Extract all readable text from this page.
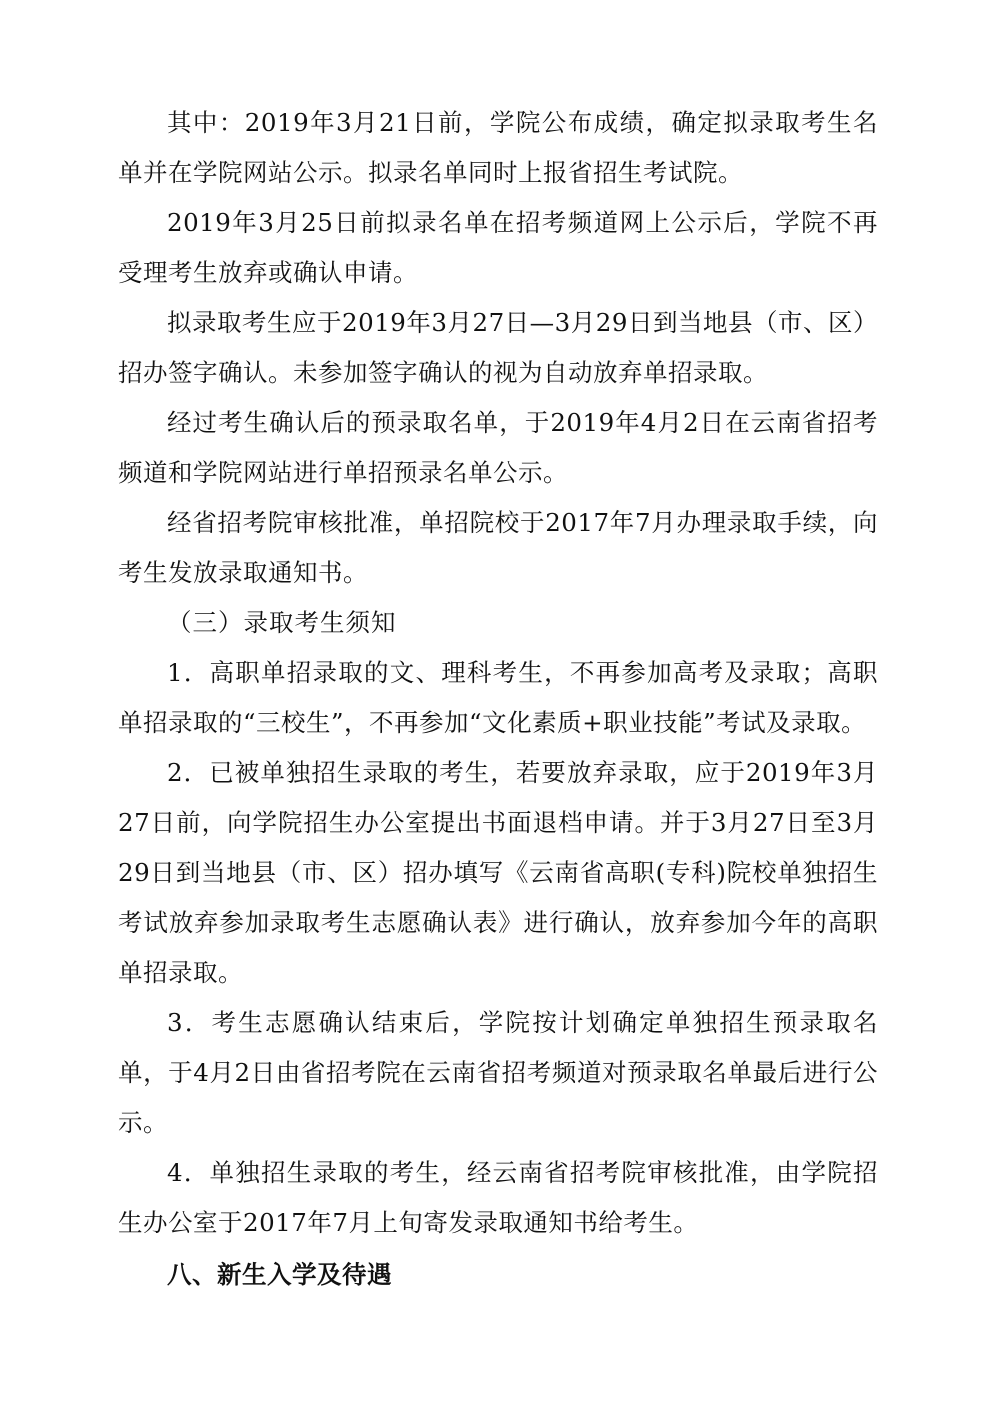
其中：2019年3月21日前，学院公布成绩，确定拟录取考生名单并在学院网站公示。拟录名单同时上报省招生考试院。

2019年3月25日前拟录名单在招考频道网上公示后，学院不再受理考生放弃或确认申请。

拟录取考生应于2019年3月27日—3月29日到当地县（市、区）招办签字确认。未参加签字确认的视为自动放弃单招录取。

经过考生确认后的预录取名单，于2019年4月2日在云南省招考频道和学院网站进行单招预录名单公示。

经省招考院审核批准，单招院校于2017年7月办理录取手续，向考生发放录取通知书。

（三）录取考生须知

1．高职单招录取的文、理科考生，不再参加高考及录取；高职单招录取的“三校生”，不再参加“文化素质+职业技能”考试及录取。

2．已被单独招生录取的考生，若要放弃录取，应于2019年3月27日前，向学院招生办公室提出书面退档申请。并于3月27日至3月29日到当地县（市、区）招办填写《云南省高职(专科)院校单独招生考试放弃参加录取考生志愿确认表》进行确认，放弃参加今年的高职单招录取。

3．考生志愿确认结束后，学院按计划确定单独招生预录取名单，于4月2日由省招考院在云南省招考频道对预录取名单最后进行公示。

4．单独招生录取的考生，经云南省招考院审核批准，由学院招生办公室于2017年7月上旬寄发录取通知书给考生。

八、新生入学及待遇
